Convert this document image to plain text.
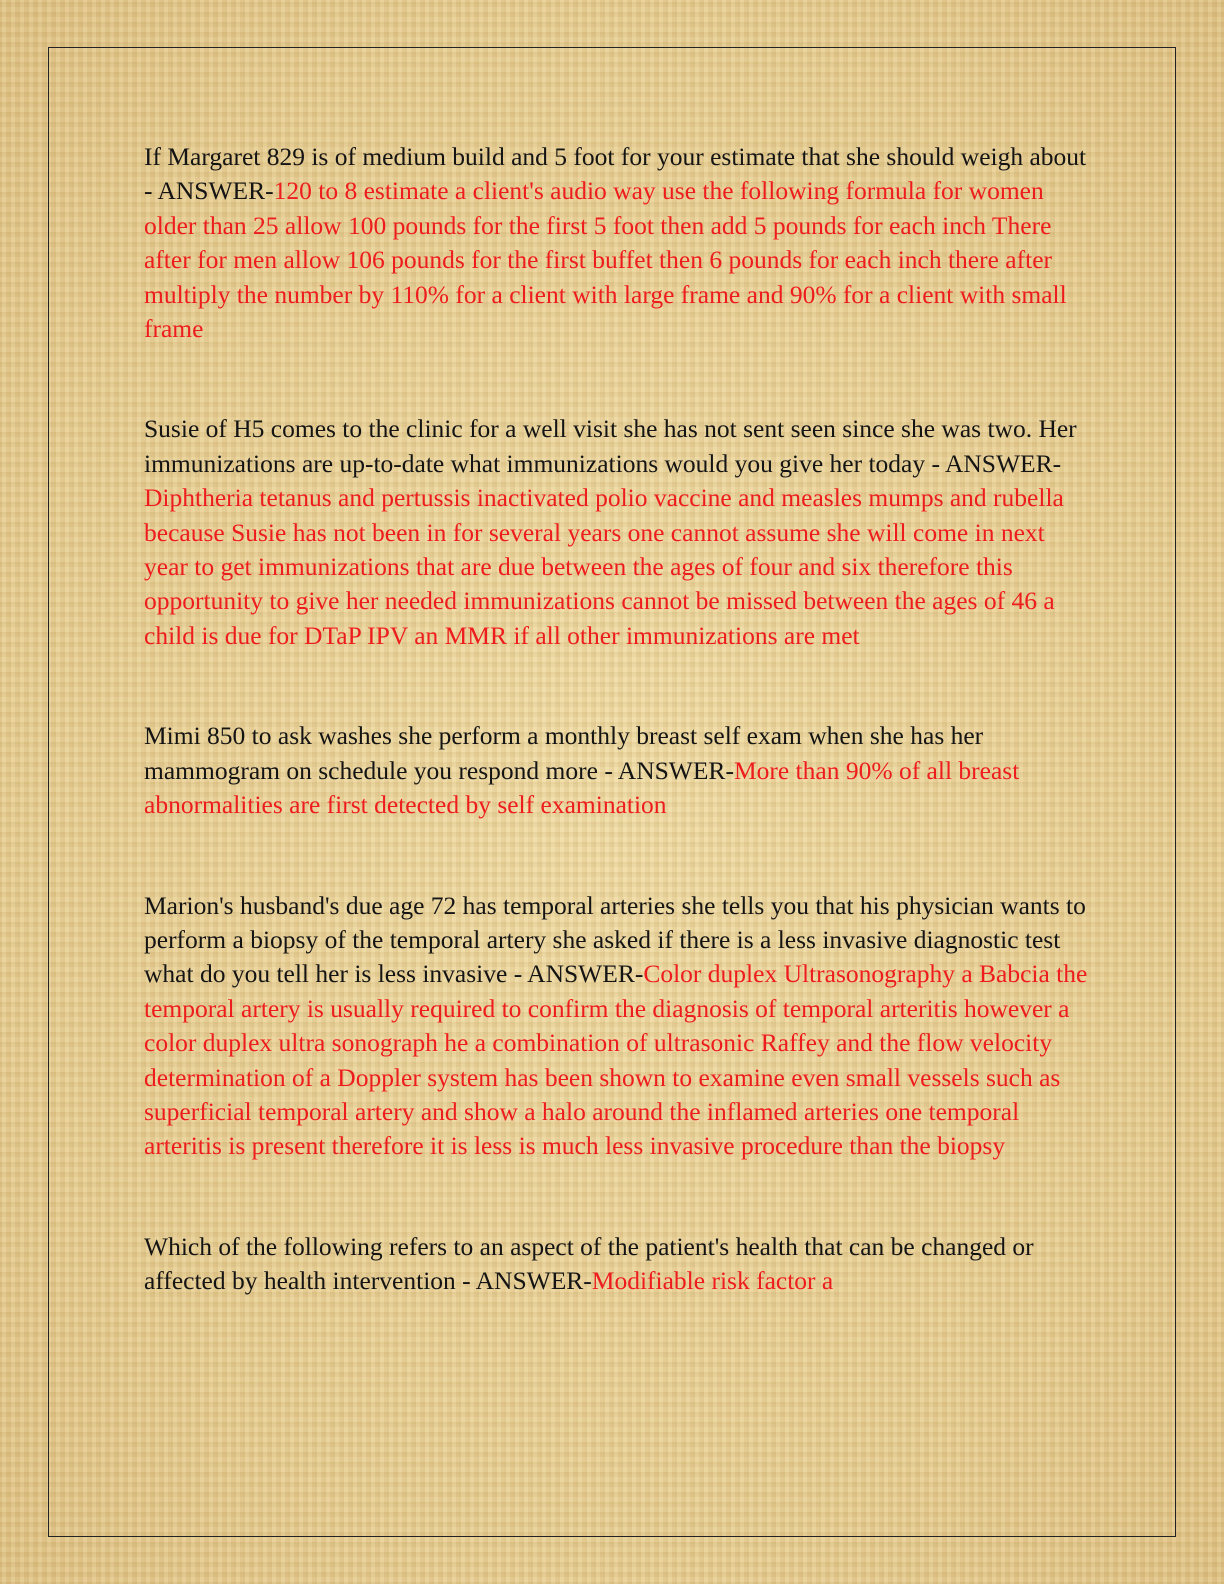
If Margaret 829 is of medium build and 5 foot for your estimate that she should weigh about - ANSWER-120 to 8 estimate a client's audio way use the following formula for women older than 25 allow 100 pounds for the first 5 foot then add 5 pounds for each inch There after for men allow 106 pounds for the first buffet then 6 pounds for each inch there after multiply the number by 110% for a client with large frame and 90% for a client with small frame

Susie of H5 comes to the clinic for a well visit she has not sent seen since she was two. Her immunizations are up-to-date what immunizations would you give her today - ANSWER-Diphtheria tetanus and pertussis inactivated polio vaccine and measles mumps and rubella because Susie has not been in for several years one cannot assume she will come in next year to get immunizations that are due between the ages of four and six therefore this opportunity to give her needed immunizations cannot be missed between the ages of 46 a child is due for DTaP IPV an MMR if all other immunizations are met

Mimi 850 to ask washes she perform a monthly breast self exam when she has her mammogram on schedule you respond more - ANSWER-More than 90% of all breast abnormalities are first detected by self examination

Marion's husband's due age 72 has temporal arteries she tells you that his physician wants to perform a biopsy of the temporal artery she asked if there is a less invasive diagnostic test what do you tell her is less invasive - ANSWER-Color duplex Ultrasonography a Babcia the temporal artery is usually required to confirm the diagnosis of temporal arteritis however a color duplex ultra sonograph he a combination of ultrasonic Raffey and the flow velocity determination of a Doppler system has been shown to examine even small vessels such as superficial temporal artery and show a halo around the inflamed arteries one temporal arteritis is present therefore it is less is much less invasive procedure than the biopsy

Which of the following refers to an aspect of the patient's health that can be changed or affected by health intervention - ANSWER-Modifiable risk factor a
